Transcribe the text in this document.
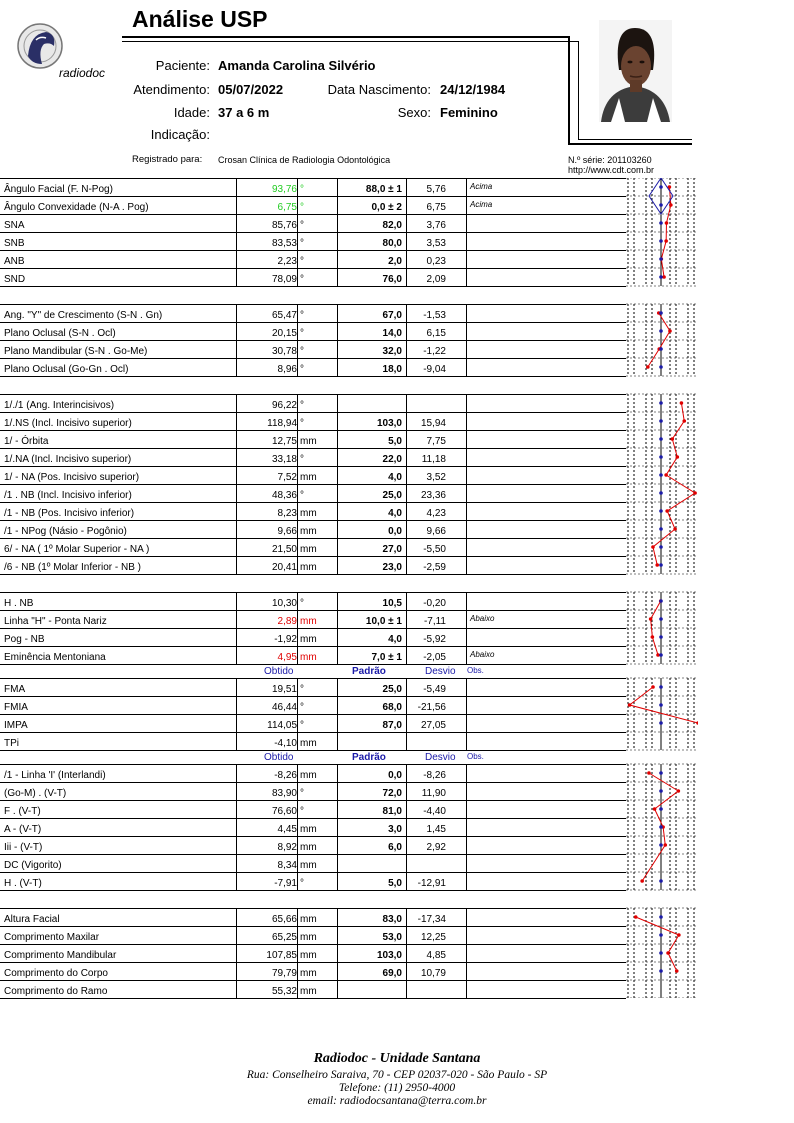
radiodoc
Análise USP
Paciente: Amanda Carolina Silvério
Atendimento: 05/07/2022	Data Nascimento: 24/12/1984
Idade: 37 a 6 m	Sexo: Feminino
Indicação:
Registrado para: Crosan Clínica de Radiologia Odontológica	N.º série: 201103260
http://www.cdt.com.br
Ângulo Facial (F. N-Pog)	93,76 °	88,0 ± 1	5,76	Acima
Ângulo Convexidade (N-A . Pog)	6,75 °	0,0 ± 2	6,75	Acima
SNA	85,76 °	82,0	3,76
SNB	83,53 °	80,0	3,53
ANB	2,23 °	2,0	0,23
SND	78,09 °	76,0	2,09
Ang. "Y" de Crescimento (S-N . Gn)	65,47 °	67,0	-1,53
Plano Oclusal (S-N . Ocl)	20,15 °	14,0	6,15
Plano Mandibular (S-N . Go-Me)	30,78 °	32,0	-1,22
Plano Oclusal (Go-Gn . Ocl)	8,96 °	18,0	-9,04
1/./1 (Ang. Interincisivos)	96,22 °
1/.NS (Incl. Incisivo superior)	118,94 °	103,0	15,94
1/ - Órbita	12,75 mm	5,0	7,75
1/.NA (Incl. Incisivo superior)	33,18 °	22,0	11,18
1/ - NA (Pos. Incisivo superior)	7,52 mm	4,0	3,52
/1 . NB (Incl. Incisivo inferior)	48,36 °	25,0	23,36
/1 - NB (Pos. Incisivo inferior)	8,23 mm	4,0	4,23
/1 - NPog (Násio - Pogônio)	9,66 mm	0,0	9,66
6/ - NA ( 1º Molar Superior - NA )	21,50 mm	27,0	-5,50
/6 - NB (1º Molar Inferior - NB )	20,41 mm	23,0	-2,59
H . NB	10,30 °	10,5	-0,20
Linha "H" - Ponta Nariz	2,89 mm	10,0 ± 1	-7,11	Abaixo
Pog - NB	-1,92 mm	4,0	-5,92
Eminência Mentoniana	4,95 mm	7,0 ± 1	-2,05	Abaixo
Obtido	Padrão	Desvio Obs.
FMA	19,51 °	25,0	-5,49
FMIA	46,44 °	68,0	-21,56
IMPA	114,05 °	87,0	27,05
TPi	-4,10 mm
Obtido	Padrão	Desvio Obs.
/1 - Linha 'I' (Interlandi)	-8,26 mm	0,0	-8,26
(Go-M) . (V-T)	83,90 °	72,0	11,90
F . (V-T)	76,60 °	81,0	-4,40
A - (V-T)	4,45 mm	3,0	1,45
Iii - (V-T)	8,92 mm	6,0	2,92
DC (Vigorito)	8,34 mm
H . (V-T)	-7,91 °	5,0	-12,91
Altura Facial	65,66 mm	83,0	-17,34
Comprimento Maxilar	65,25 mm	53,0	12,25
Comprimento Mandibular	107,85 mm	103,0	4,85
Comprimento do Corpo	79,79 mm	69,0	10,79
Comprimento do Ramo	55,32 mm
Radiodoc - Unidade Santana
Rua: Conselheiro Saraiva, 70 - CEP 02037-020 - São Paulo - SP
Telefone: (11) 2950-4000
email: radiodocsantana@terra.com.br
